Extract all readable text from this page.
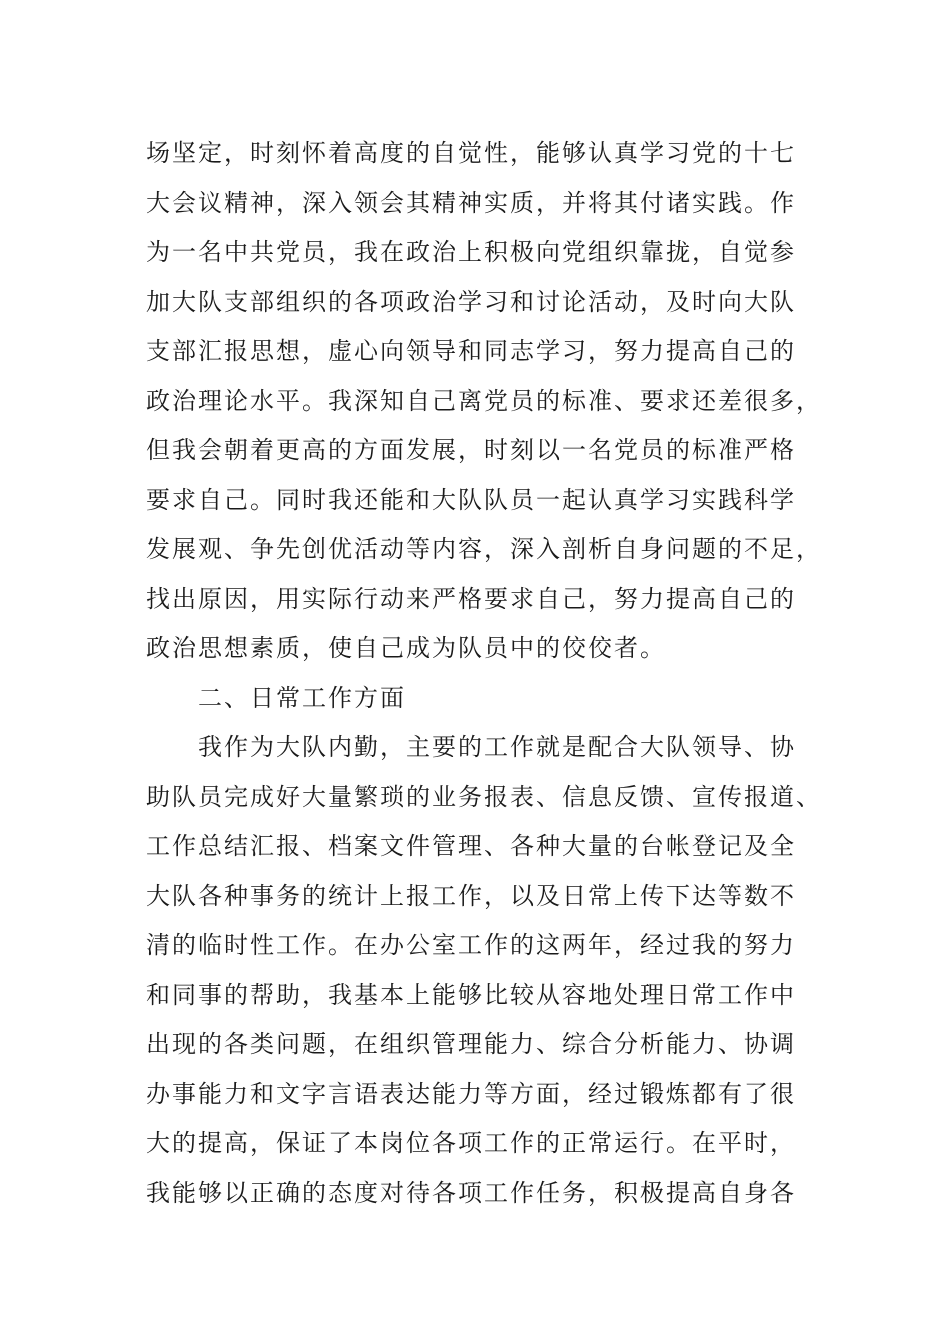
场坚定，时刻怀着高度的自觉性，能够认真学习党的十七
大会议精神，深入领会其精神实质，并将其付诸实践。作
为一名中共党员，我在政治上积极向党组织靠拢，自觉参
加大队支部组织的各项政治学习和讨论活动，及时向大队
支部汇报思想，虚心向领导和同志学习，努力提高自己的
政治理论水平。我深知自己离党员的标准、要求还差很多，
但我会朝着更高的方面发展，时刻以一名党员的标准严格
要求自己。同时我还能和大队队员一起认真学习实践科学
发展观、争先创优活动等内容，深入剖析自身问题的不足，
找出原因，用实际行动来严格要求自己，努力提高自己的
政治思想素质，使自己成为队员中的佼佼者。
二、日常工作方面
我作为大队内勤，主要的工作就是配合大队领导、协
助队员完成好大量繁琐的业务报表、信息反馈、宣传报道、
工作总结汇报、档案文件管理、各种大量的台帐登记及全
大队各种事务的统计上报工作，以及日常上传下达等数不
清的临时性工作。在办公室工作的这两年，经过我的努力
和同事的帮助，我基本上能够比较从容地处理日常工作中
出现的各类问题，在组织管理能力、综合分析能力、协调
办事能力和文字言语表达能力等方面，经过锻炼都有了很
大的提高，保证了本岗位各项工作的正常运行。在平时，
我能够以正确的态度对待各项工作任务，积极提高自身各
